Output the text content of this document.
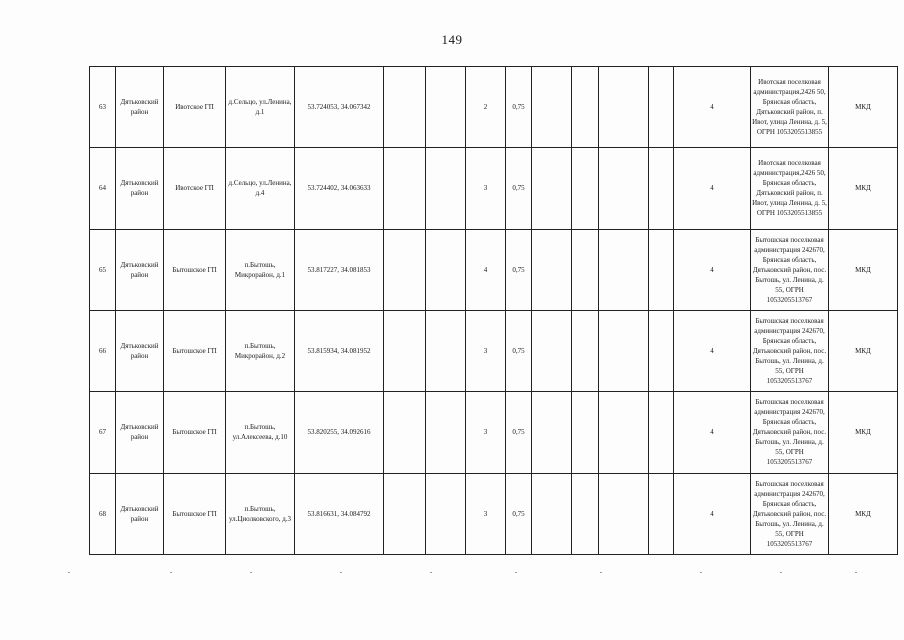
149
63	Дятьковский район	Ивотское ГП	д.Сельцо, ул.Ленина, д.1	53.724053, 34.067342			2	0,75					4	Ивотская поселковая администрация,2426 50, Брянская область, Дятьковский район, п. Ивот, улица Ленина, д. 5, ОГРН 1053205513855	МКД
64	Дятьковский район	Ивотское ГП	д.Сельцо, ул.Ленина, д.4	53.724402, 34.063633			3	0,75					4	Ивотская поселковая администрация,2426 50, Брянская область, Дятьковский район, п. Ивот, улица Ленина, д. 5, ОГРН 1053205513855	МКД
65	Дятьковский район	Бытошское ГП	п.Бытошь, Микрорайон, д.1	53.817227, 34.081853			4	0,75					4	Бытошская поселковая администрация 242670, Брянская область, Дятьковский район, пос. Бытошь, ул. Ленина, д. 55, ОГРН 1053205513767	МКД
66	Дятьковский район	Бытошское ГП	п.Бытошь, Микрорайон, д.2	53.815934, 34.081952			3	0,75					4	Бытошская поселковая администрация 242670, Брянская область, Дятьковский район, пос. Бытошь, ул. Ленина, д. 55, ОГРН 1053205513767	МКД
67	Дятьковский район	Бытошское ГП	п.Бытошь, ул.Алексеева, д.10	53.820255, 34.092616			3	0,75					4	Бытошская поселковая администрация 242670, Брянская область, Дятьковский район, пос. Бытошь, ул. Ленина, д. 55, ОГРН 1053205513767	МКД
68	Дятьковский район	Бытошское ГП	п.Бытошь, ул.Циолковского, д.3	53.816631, 34.084792			3	0,75					4	Бытошская поселковая администрация 242670, Брянская область, Дятьковский район, пос. Бытошь, ул. Ленина, д. 55, ОГРН 1053205513767	МКД
